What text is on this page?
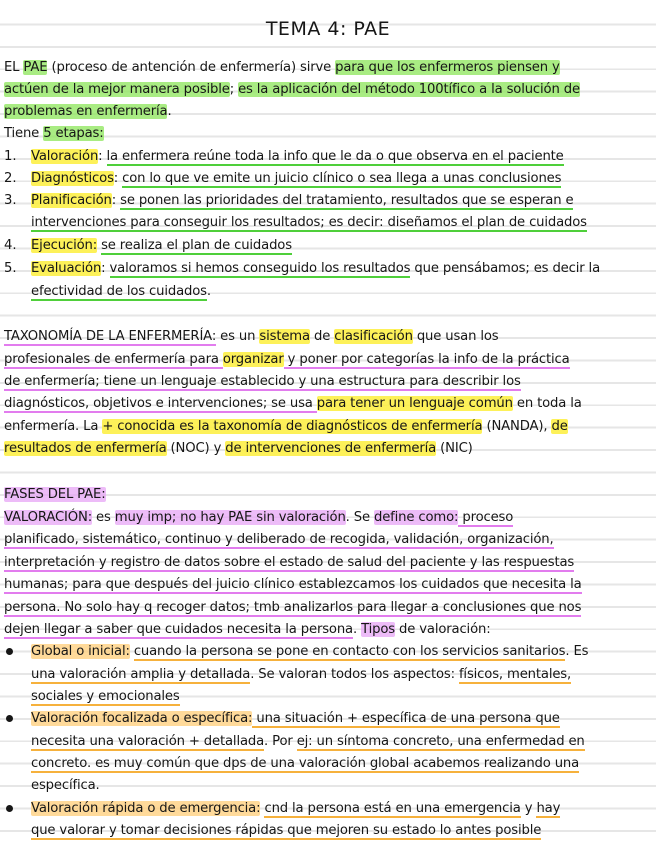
TEMA 4: PAE
EL PAE (proceso de antención de enfermería) sirve para que los enfermeros piensen y
actúen de la mejor manera posible; es la aplicación del método 100tífico a la solución de
problemas en enfermería.
Tiene 5 etapas:
1. Valoración: la enfermera reúne toda la info que le da o que observa en el paciente
2. Diagnósticos: con lo que ve emite un juicio clínico o sea llega a unas conclusiones
3. Planificación: se ponen las prioridades del tratamiento, resultados que se esperan e
intervenciones para conseguir los resultados; es decir: diseñamos el plan de cuidados
4. Ejecución: se realiza el plan de cuidados
5. Evaluación: valoramos si hemos conseguido los resultados que pensábamos; es decir la
efectividad de los cuidados.
TAXONOMÍA DE LA ENFERMERÍA: es un sistema de clasificación que usan los
profesionales de enfermería para organizar y poner por categorías la info de la práctica
de enfermería; tiene un lenguaje establecido y una estructura para describir los
diagnósticos, objetivos e intervenciones; se usa para tener un lenguaje común en toda la
enfermería. La + conocida es la taxonomía de diagnósticos de enfermería (NANDA), de
resultados de enfermería (NOC) y de intervenciones de enfermería (NIC)
FASES DEL PAE:
VALORACIÓN: es muy imp; no hay PAE sin valoración. Se define como: proceso
planificado, sistemático, continuo y deliberado de recogida, validación, organización,
interpretación y registro de datos sobre el estado de salud del paciente y las respuestas
humanas; para que después del juicio clínico establezcamos los cuidados que necesita la
persona. No solo hay q recoger datos; tmb analizarlos para llegar a conclusiones que nos
dejen llegar a saber que cuidados necesita la persona. Tipos de valoración:
Global o inicial: cuando la persona se pone en contacto con los servicios sanitarios. Es
una valoración amplia y detallada. Se valoran todos los aspectos: físicos, mentales,
sociales y emocionales
Valoración focalizada o específica: una situación + específica de una persona que
necesita una valoración + detallada. Por ej: un síntoma concreto, una enfermedad en
concreto. es muy común que dps de una valoración global acabemos realizando una
específica.
Valoración rápida o de emergencia: cnd la persona está en una emergencia y hay
que valorar y tomar decisiones rápidas que mejoren su estado lo antes posible
